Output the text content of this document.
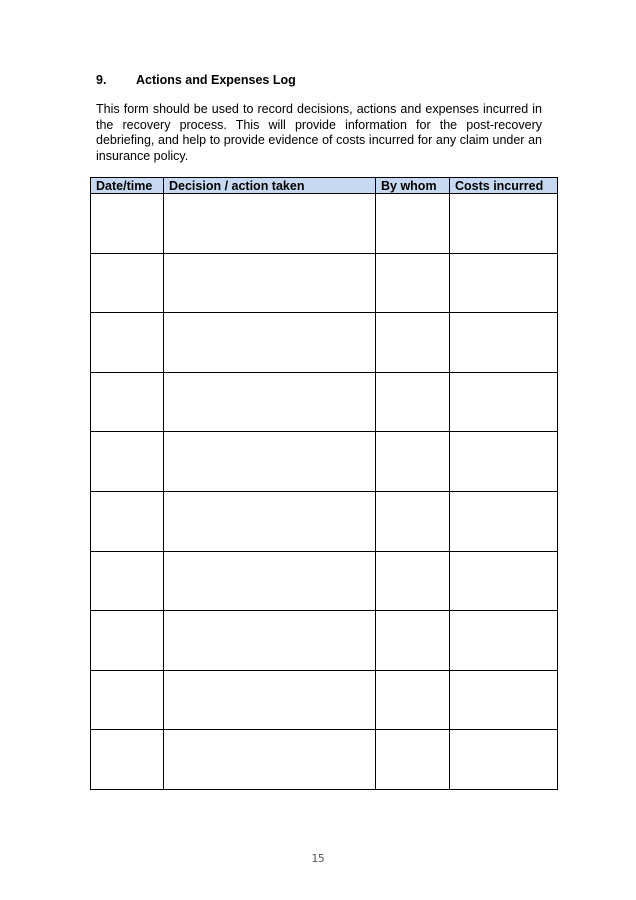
9. Actions and Expenses Log
This form should be used to record decisions, actions and expenses incurred in the recovery process. This will provide information for the post-recovery debriefing, and help to provide evidence of costs incurred for any claim under an insurance policy.
Date/time	Decision / action taken	By whom	Costs incurred

15
